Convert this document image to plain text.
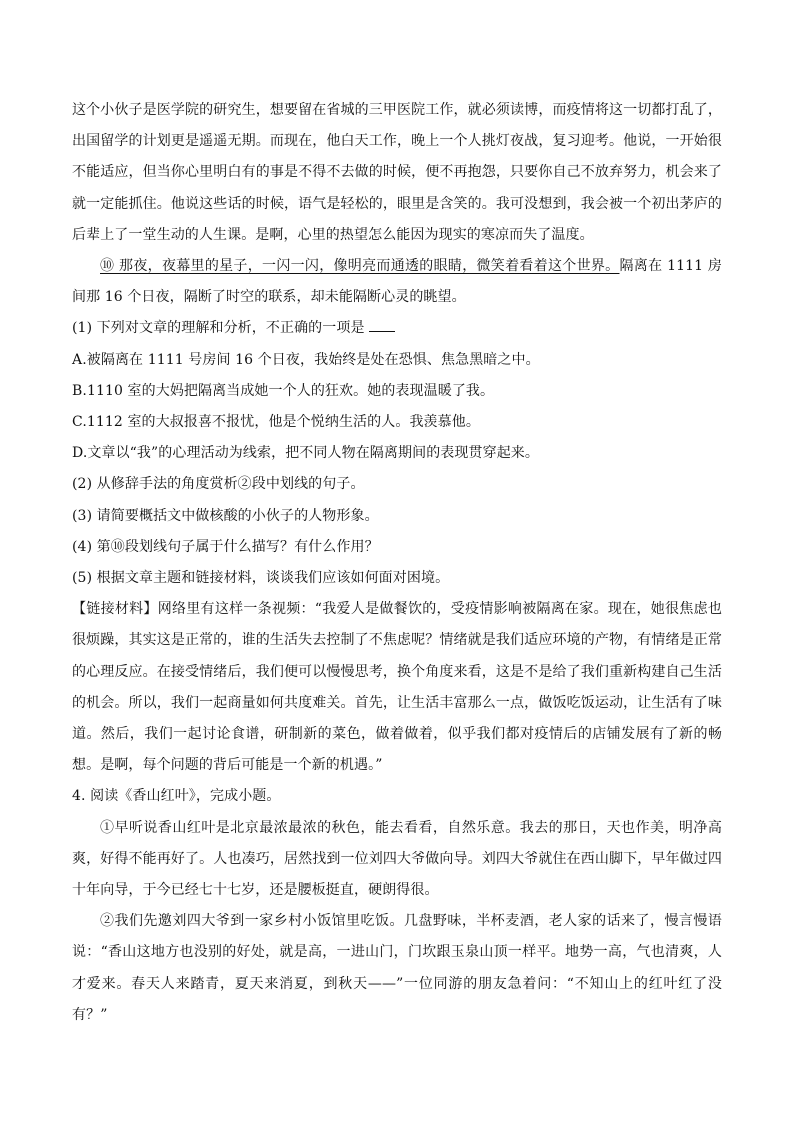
这个小伙子是医学院的研究生，想要留在省城的三甲医院工作，就必须读博，而疫情将这一切都打乱了，出国留学的计划更是遥遥无期。而现在，他白天工作，晚上一个人挑灯夜战，复习迎考。他说，一开始很不能适应，但当你心里明白有的事是不得不去做的时候，便不再抱怨，只要你自己不放弃努力，机会来了就一定能抓住。他说这些话的时候，语气是轻松的，眼里是含笑的。我可没想到，我会被一个初出茅庐的后辈上了一堂生动的人生课。是啊，心里的热望怎么能因为现实的寒凉而失了温度。

⑩ 那夜，夜幕里的星子，一闪一闪，像明亮而通透的眼睛，微笑着看着这个世界。隔离在 1111 房间那 16 个日夜，隔断了时空的联系，却未能隔断心灵的眺望。

(1) 下列对文章的理解和分析，不正确的一项是

A.被隔离在 1111 号房间 16 个日夜，我始终是处在恐惧、焦急黑暗之中。

B.1110 室的大妈把隔离当成她一个人的狂欢。她的表现温暖了我。

C.1112 室的大叔报喜不报忧，他是个悦纳生活的人。我羡慕他。

D.文章以“我”的心理活动为线索，把不同人物在隔离期间的表现贯穿起来。

(2) 从修辞手法的角度赏析②段中划线的句子。

(3) 请简要概括文中做核酸的小伙子的人物形象。

(4) 第⑩段划线句子属于什么描写？有什么作用？

(5) 根据文章主题和链接材料，谈谈我们应该如何面对困境。

【链接材料】网络里有这样一条视频：“我爱人是做餐饮的，受疫情影响被隔离在家。现在，她很焦虑也很烦躁，其实这是正常的，谁的生活失去控制了不焦虑呢？情绪就是我们适应环境的产物，有情绪是正常的心理反应。在接受情绪后，我们便可以慢慢思考，换个角度来看，这是不是给了我们重新构建自己生活的机会。所以，我们一起商量如何共度难关。首先，让生活丰富那么一点，做饭吃饭运动，让生活有了味道。然后，我们一起讨论食谱，研制新的菜色，做着做着，似乎我们都对疫情后的店铺发展有了新的畅想。是啊，每个问题的背后可能是一个新的机遇。”

4. 阅读《香山红叶》，完成小题。

①早听说香山红叶是北京最浓最浓的秋色，能去看看，自然乐意。我去的那日，天也作美，明净高爽，好得不能再好了。人也凑巧，居然找到一位刘四大爷做向导。刘四大爷就住在西山脚下，早年做过四十年向导，于今已经七十七岁，还是腰板挺直，硬朗得很。

②我们先邀刘四大爷到一家乡村小饭馆里吃饭。几盘野味，半杯麦酒，老人家的话来了，慢言慢语说：“香山这地方也没别的好处，就是高，一进山门，门坎跟玉泉山顶一样平。地势一高，气也清爽，人才爱来。春天人来踏青，夏天来消夏，到秋天——”一位同游的朋友急着问：“不知山上的红叶红了没有？”
